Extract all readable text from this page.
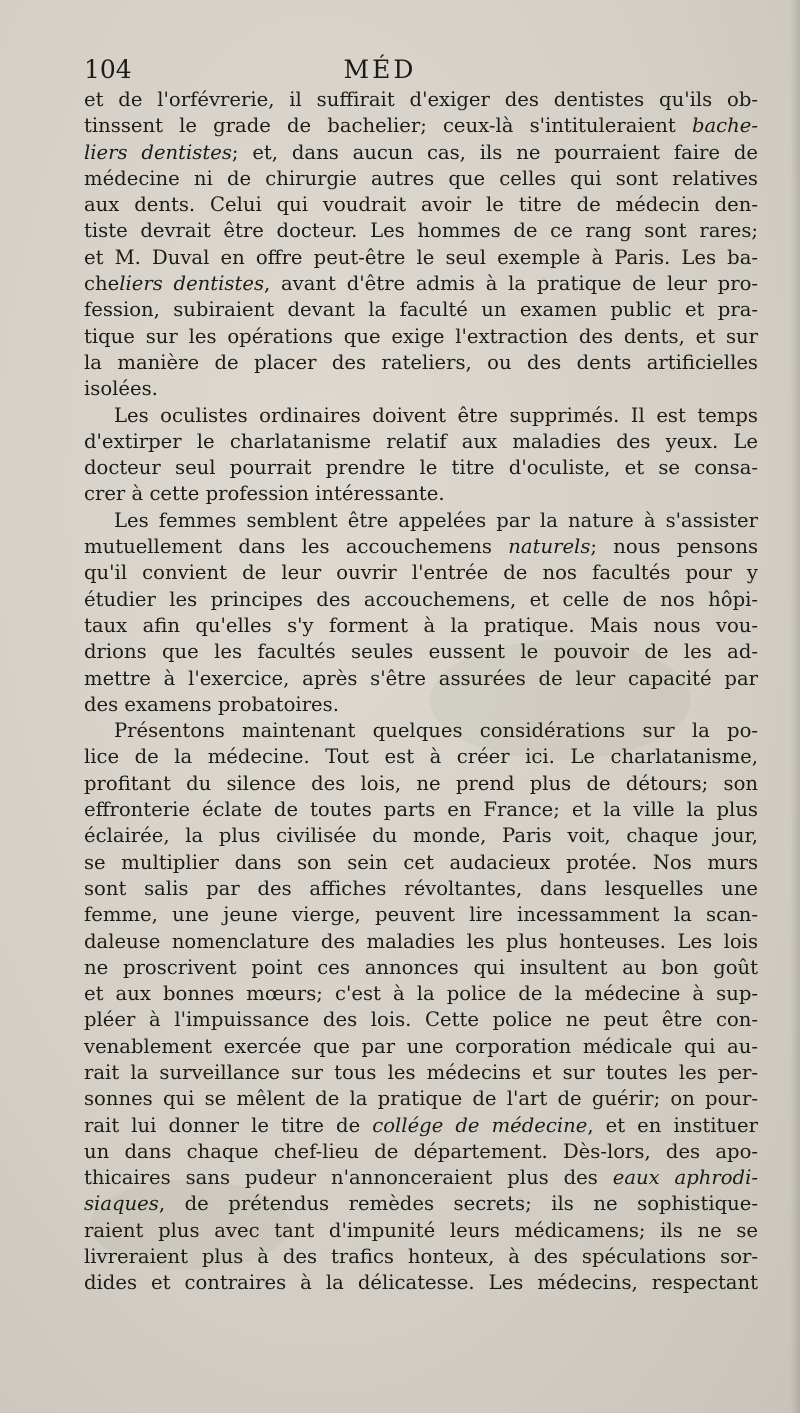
104	MÉD
et de l'orfévrerie, il suffirait d'exiger des dentistes qu'ils ob-
tinssent le grade de bachelier; ceux-là s'intituleraient bache-
liers dentistes; et, dans aucun cas, ils ne pourraient faire de
médecine ni de chirurgie autres que celles qui sont relatives
aux dents. Celui qui voudrait avoir le titre de médecin den-
tiste devrait être docteur. Les hommes de ce rang sont rares;
et M. Duval en offre peut-être le seul exemple à Paris. Les ba-
cheliers dentistes, avant d'être admis à la pratique de leur pro-
fession, subiraient devant la faculté un examen public et pra-
tique sur les opérations que exige l'extraction des dents, et sur
la manière de placer des rateliers, ou des dents artificielles
isolées.
Les oculistes ordinaires doivent être supprimés. Il est temps
d'extirper le charlatanisme relatif aux maladies des yeux. Le
docteur seul pourrait prendre le titre d'oculiste, et se consa-
crer à cette profession intéressante.
Les femmes semblent être appelées par la nature à s'assister
mutuellement dans les accouchemens naturels; nous pensons
qu'il convient de leur ouvrir l'entrée de nos facultés pour y
étudier les principes des accouchemens, et celle de nos hôpi-
taux afin qu'elles s'y forment à la pratique. Mais nous vou-
drions que les facultés seules eussent le pouvoir de les ad-
mettre à l'exercice, après s'être assurées de leur capacité par
des examens probatoires.
Présentons maintenant quelques considérations sur la po-
lice de la médecine. Tout est à créer ici. Le charlatanisme,
profitant du silence des lois, ne prend plus de détours; son
effronterie éclate de toutes parts en France; et la ville la plus
éclairée, la plus civilisée du monde, Paris voit, chaque jour,
se multiplier dans son sein cet audacieux protée. Nos murs
sont salis par des affiches révoltantes, dans lesquelles une
femme, une jeune vierge, peuvent lire incessamment la scan-
daleuse nomenclature des maladies les plus honteuses. Les lois
ne proscrivent point ces annonces qui insultent au bon goût
et aux bonnes mœurs; c'est à la police de la médecine à sup-
pléer à l'impuissance des lois. Cette police ne peut être con-
venablement exercée que par une corporation médicale qui au-
rait la surveillance sur tous les médecins et sur toutes les per-
sonnes qui se mêlent de la pratique de l'art de guérir; on pour-
rait lui donner le titre de collége de médecine, et en instituer
un dans chaque chef-lieu de département. Dès-lors, des apo-
thicaires sans pudeur n'annonceraient plus des eaux aphrodi-
siaques, de prétendus remèdes secrets; ils ne sophistique-
raient plus avec tant d'impunité leurs médicamens; ils ne se
livreraient plus à des trafics honteux, à des spéculations sor-
dides et contraires à la délicatesse. Les médecins, respectant
